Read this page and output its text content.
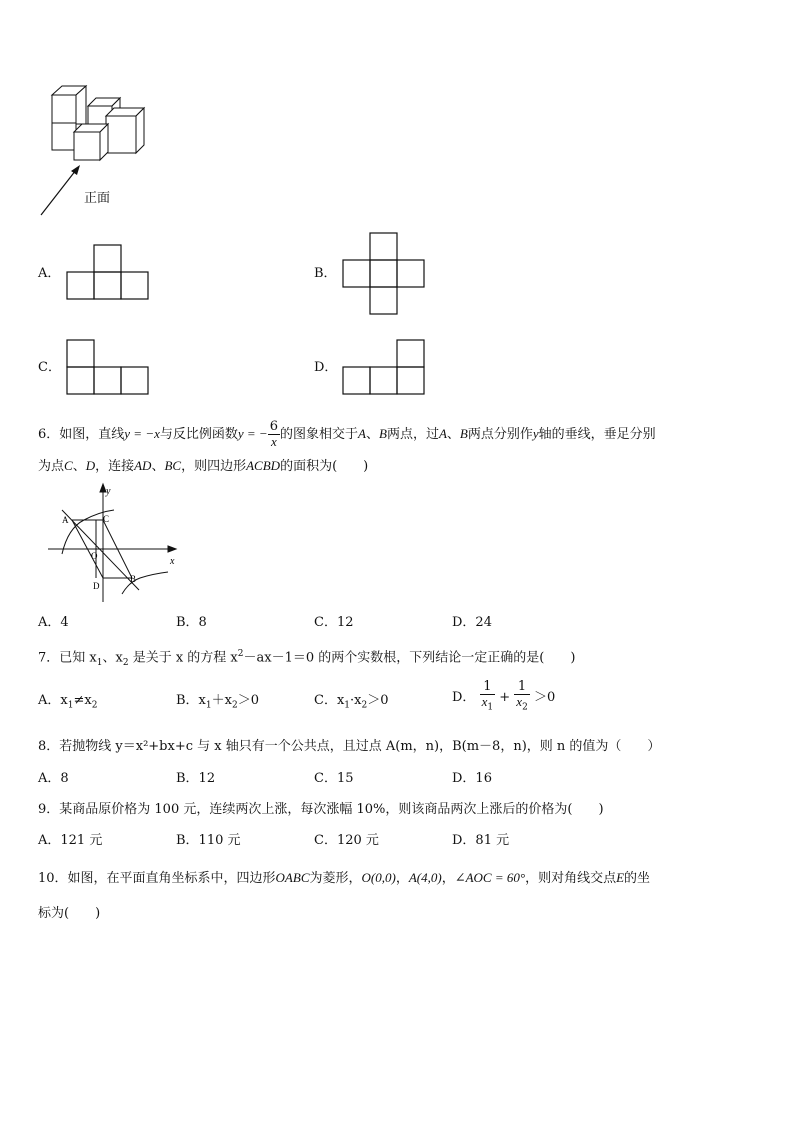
正面
A．	B．
C．	D．
6．如图，直线y = −x与反比例函数y = − $\frac{6}{x}$ 的图象相交于A、B两点，过A、B两点分别作y轴的垂线，垂足分别
为点C、D，连接AD、BC，则四边形ACBD的面积为(　　)
y
x
A	C
O
D
B
A．4	B．8	C．12	D．24
7．已知 $x_1$、$x_2$ 是关于 x 的方程 $x^2-ax-1=0$ 的两个实数根，下列结论一定正确的是(　　)
A．$x_1\ne x_2$	B．$x_1+x_2>0$	C．$x_1\cdot x_2>0$	D． $\frac{1}{x_1} + \frac{1}{x_2} >0$
8．若抛物线 y＝x²+bx+c 与 x 轴只有一个公共点，且过点 A(m，n)，B(m－8，n)，则 n 的值为（　　）
A．8	B．12	C．15	D．16
9．某商品原价格为 100 元，连续两次上涨，每次涨幅 10%，则该商品两次上涨后的价格为(　　)
A．121 元	B．110 元	C．120 元	D．81 元
10．如图，在平面直角坐标系中，四边形OABC为菱形，O(0,0)，A(4,0)，∠AOC = 60°，则对角线交点E的坐
标为(　　)
